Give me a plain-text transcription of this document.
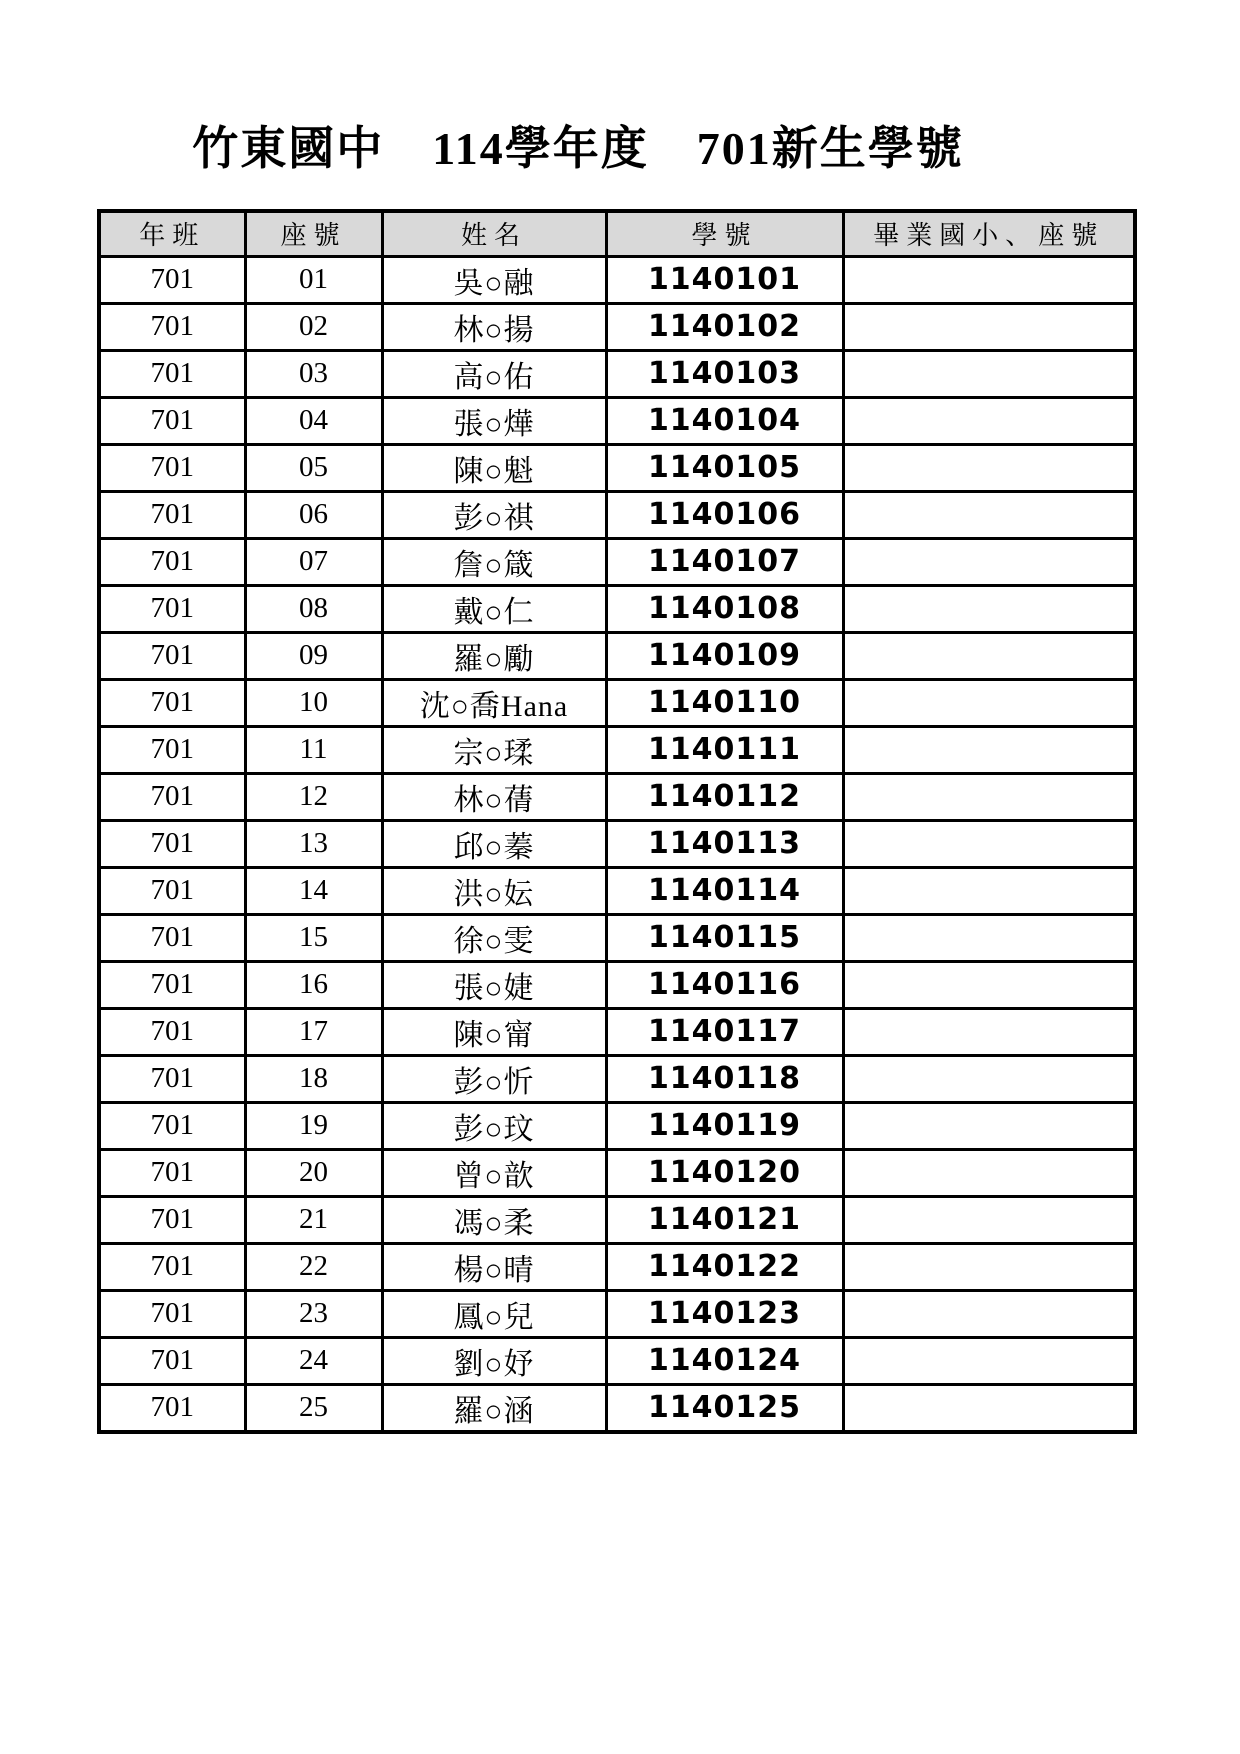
竹東國中　114學年度　701新生學號
年班	座號	姓名	學號	畢業國小、座號
701	01	吳○融	1140101	
701	02	林○揚	1140102	
701	03	高○佑	1140103	
701	04	張○燁	1140104	
701	05	陳○魁	1140105	
701	06	彭○祺	1140106	
701	07	詹○箴	1140107	
701	08	戴○仁	1140108	
701	09	羅○勵	1140109	
701	10	沈○喬Hana	1140110	
701	11	宗○瑈	1140111	
701	12	林○蒨	1140112	
701	13	邱○蓁	1140113	
701	14	洪○妘	1140114	
701	15	徐○雯	1140115	
701	16	張○婕	1140116	
701	17	陳○甯	1140117	
701	18	彭○忻	1140118	
701	19	彭○玟	1140119	
701	20	曾○歆	1140120	
701	21	馮○柔	1140121	
701	22	楊○晴	1140122	
701	23	鳳○兒	1140123	
701	24	劉○妤	1140124	
701	25	羅○涵	1140125	
